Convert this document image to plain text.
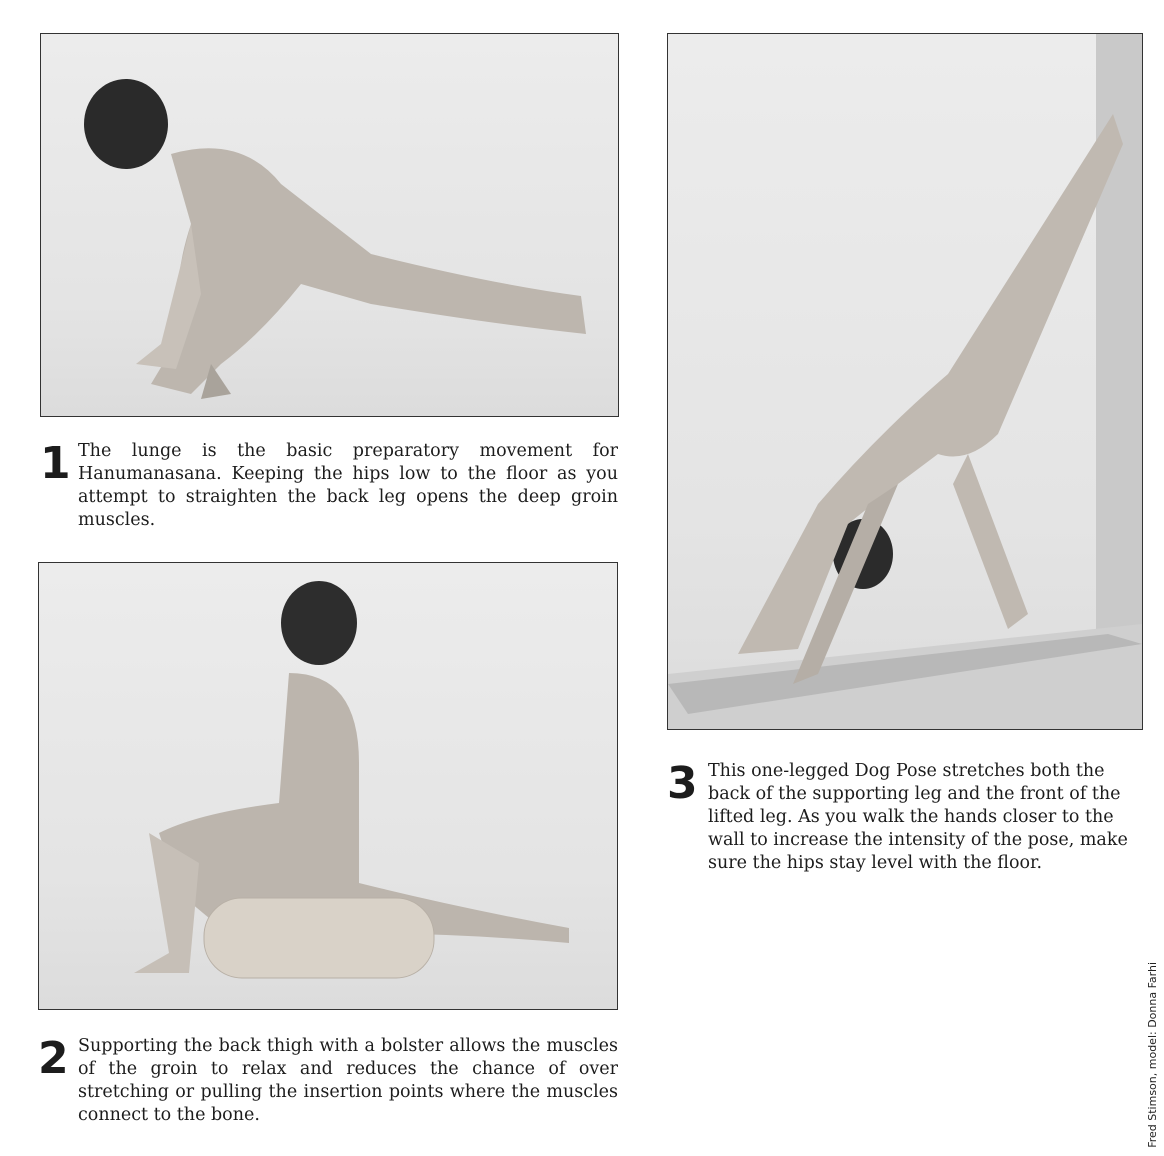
1 The lunge is the basic preparatory movement for Hanumanasana. Keeping the hips low to the floor as you attempt to straighten the back leg opens the deep groin muscles.
2 Supporting the back thigh with a bolster allows the muscles of the groin to relax and reduces the chance of over stretching or pulling the insertion points where the muscles connect to the bone.
3 This one-legged Dog Pose stretches both the back of the supporting leg and the front of the lifted leg. As you walk the hands closer to the wall to increase the intensity of the pose, make sure the hips stay level with the floor.
Fred Stimson, model: Donna Farhi
